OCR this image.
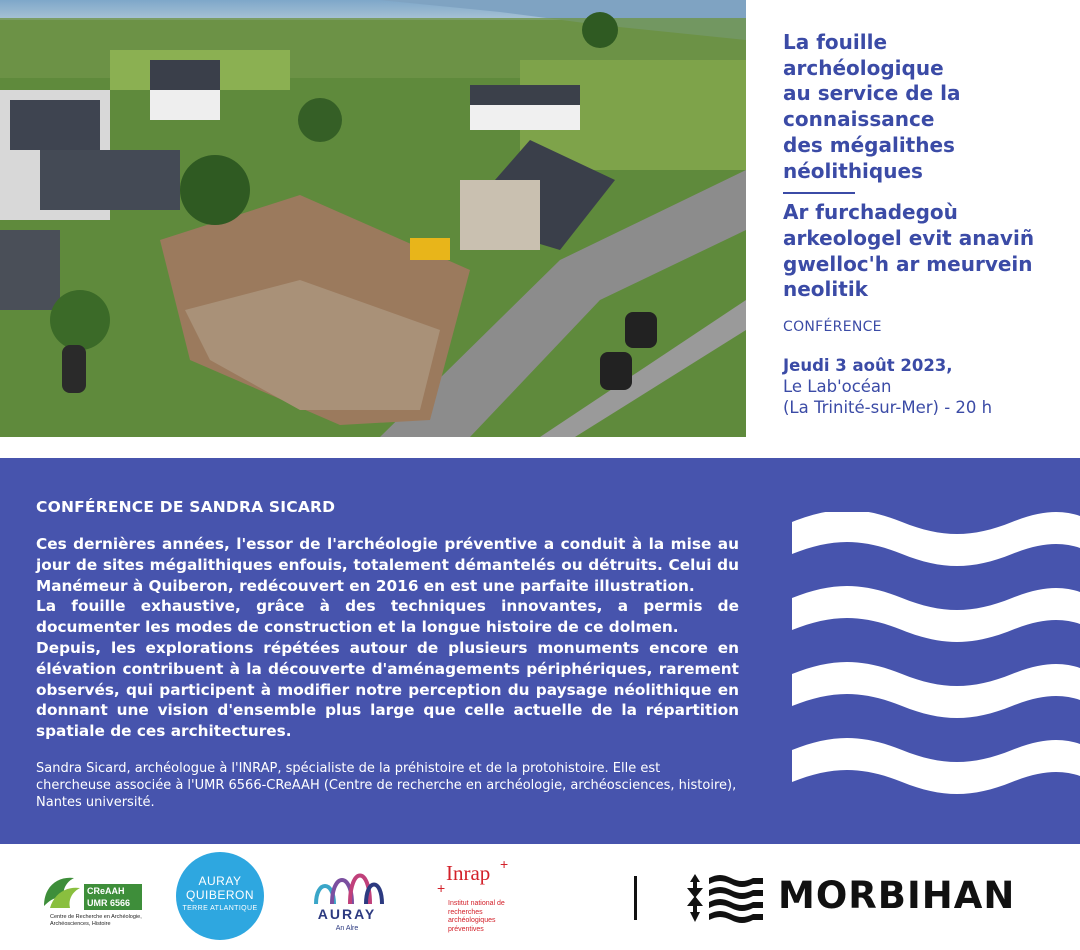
La fouille
archéologique
au service de la
connaissance
des mégalithes
néolithiques
Ar furchadegoù
arkeologel evit anaviñ
gwelloc'h ar meurvein
neolitik
CONFÉRENCE
Jeudi 3 août 2023,
Le Lab'océan
(La Trinité-sur-Mer) - 20 h
CONFÉRENCE DE SANDRA SICARD
Ces dernières années, l'essor de l'archéologie préventive a conduit à la mise au jour de sites mégalithiques enfouis, totalement démantelés ou détruits. Celui du Manémeur à Quiberon, redécouvert en 2016 en est une parfaite illustration.
La fouille exhaustive, grâce à des techniques innovantes, a permis de documenter les modes de construction et la longue histoire de ce dolmen.
Depuis, les explorations répétées autour de plusieurs monuments encore en élévation contribuent à la découverte d'aménagements périphériques, rarement observés, qui participent à modifier notre perception du paysage néolithique en donnant une vision d'ensemble plus large que celle actuelle de la répartition spatiale de ces architectures.
Sandra Sicard, archéologue à l'INRAP, spécialiste de la préhistoire et de la protohistoire. Elle est chercheuse associée à l'UMR 6566-CReAAH (Centre de recherche en archéologie, archéosciences, histoire), Nantes université.
CReAAH
UMR 6566
Centre de Recherche en Archéologie, Archéosciences, Histoire
AURAY
QUIBERON
TERRE ATLANTIQUE	AURAY
An Alre
Inrap +
+
Institut national de recherches archéologiques préventives
MORBIHAN
